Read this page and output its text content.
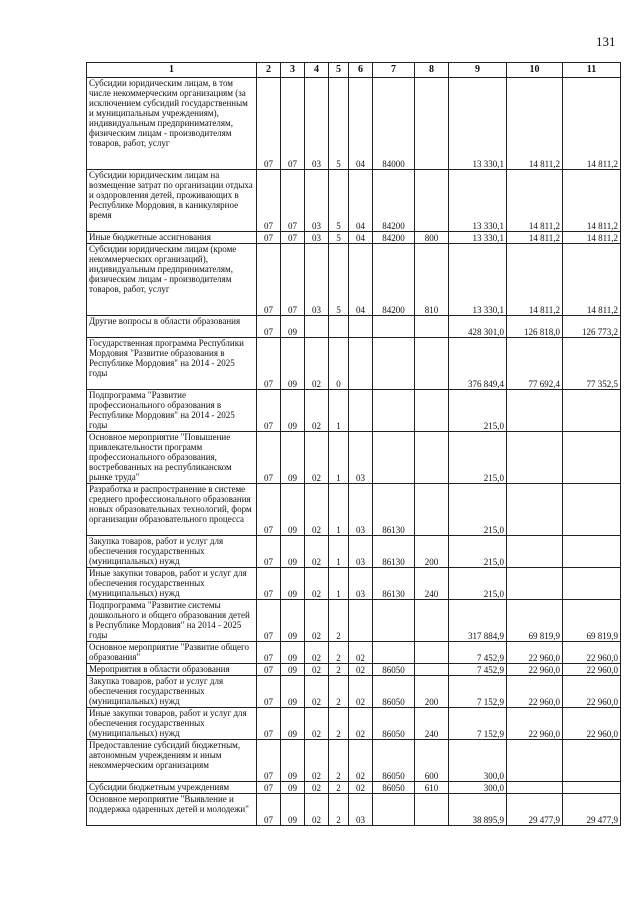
131
1	2	3	4	5	6	7	8	9	10	11
Субсидии юридическим лицам, в том числе некоммерческим организациям (за исключением субсидий государственным и муниципальным учреждениям), индивидуальным предпринимателям, физическим лицам - производителям товаров, работ, услуг	07	07	03	5	04	84000		13 330,1	14 811,2	14 811,2
Субсидии юридическим лицам на возмещение затрат по организации отдыха и оздоровления детей, проживающих в Республике Мордовия, в каникулярное время	07	07	03	5	04	84200		13 330,1	14 811,2	14 811,2
Иные бюджетные ассигнования	07	07	03	5	04	84200	800	13 330,1	14 811,2	14 811,2
Субсидии юридическим лицам (кроме некоммерческих организаций), индивидуальным предпринимателям, физическим лицам - производителям товаров, работ, услуг	07	07	03	5	04	84200	810	13 330,1	14 811,2	14 811,2
Другие вопросы в области образования	07	09						428 301,0	126 818,0	126 773,2
Государственная программа Республики Мордовия "Развитие образования в Республике Мордовия" на 2014 - 2025 годы	07	09	02	0				376 849,4	77 692,4	77 352,5
Подпрограмма "Развитие профессионального образования в Республике Мордовия" на 2014 - 2025 годы	07	09	02	1				215,0		
Основное мероприятие "Повышение привлекательности программ профессионального образования, востребованных на республиканском рынке труда"	07	09	02	1	03			215,0		
Разработка и распространение в системе среднего профессионального образования новых образовательных технологий, форм организации образовательного процесса	07	09	02	1	03	86130		215,0		
Закупка товаров, работ и услуг для обеспечения государственных (муниципальных) нужд	07	09	02	1	03	86130	200	215,0		
Иные закупки товаров, работ и услуг для обеспечения государственных (муниципальных) нужд	07	09	02	1	03	86130	240	215,0		
Подпрограмма "Развитие системы дошкольного и общего образования детей в Республике Мордовия" на 2014 - 2025 годы	07	09	02	2				317 884,9	69 819,9	69 819,9
Основное мероприятие "Развитие общего образования"	07	09	02	2	02			7 452,9	22 960,0	22 960,0
Мероприятия в области образования	07	09	02	2	02	86050		7 452,9	22 960,0	22 960,0
Закупка товаров, работ и услуг для обеспечения государственных (муниципальных) нужд	07	09	02	2	02	86050	200	7 152,9	22 960,0	22 960,0
Иные закупки товаров, работ и услуг для обеспечения государственных (муниципальных) нужд	07	09	02	2	02	86050	240	7 152,9	22 960,0	22 960,0
Предоставление субсидий бюджетным, автономным учреждениям и иным некоммерческим организациям	07	09	02	2	02	86050	600	300,0		
Субсидии бюджетным учреждениям	07	09	02	2	02	86050	610	300,0		
Основное мероприятие "Выявление и поддержка одаренных детей и молодежи"	07	09	02	2	03			38 895,9	29 477,9	29 477,9
